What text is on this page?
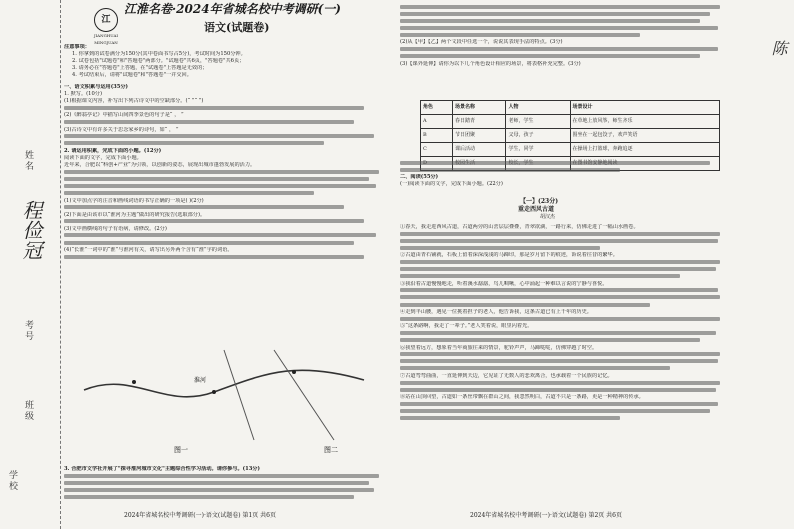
学校
班级
考号
姓名
程俭冠
江
JIANGHUAI MINGJUAN
江淮名卷·2024年省城名校中考调研(一)
语文(试题卷)

注意事项：

1. 你拿到的试卷满分为150分(其中卷面书写占5分)，考试时间为150分钟。

2. 试卷包括"试题卷"和"答题卷"两部分。"试题卷"共6页，"答题卷"共6页；

3. 请务必在"答题卷"上答题，在"试题卷"上答题是无效的；

4. 考试结束后，请将"试题卷"和"答题卷"一并交回。

一、语文积累与运用(35分)

1. 默写。(10分)

(1)根据课文内容，补写出下列古诗文中的空缺部分。(“ ”“ ”)

(2)《醉翁亭记》中描写山间四季景色的句子是“ ， ”

(3)古诗文中有许多关于思念家乡的诗句，如“ ， ”

2. 请运用积累，完成下面的小题。(12分)

阅读下面的文字，完成下面小题。

近年来，合肥以“科创+产业”为引领，以创新的姿态，展现出城市蓬勃发展的活力。

(1)文中加点字的注音和画线词语的书写正确的一项是( )(2分)

(2)下面是由该市以“淮河为主题”做出的研究报告(选取部分)。

(3)文中画横线的句子有语病，请修改。(2分)

(4)“长淮”一词中的“淮”与淮河有关，请写出另外两个含有“淮”字的词语。

图一	图二
淮河

3. 合肥市文学社开展了"探寻淮河城市文化"主题综合性学习活动。请你参与。(13分)

2024年省城名校中考调研(一)·语文(试题卷) 第1页 共6页

(2)从【甲】【乙】两个文段中任选一个，说说其表现手法的特点。(3分)

(3)【课外延伸】请你为以下几个角色设计相应的场景，将表格补充完整。(3分)

角色	场景名称	人物	场景设计
A	春日踏青	老师，学生	在草地上放风筝，师生齐乐
B	节日团聚	父母，孩子	围坐在一起包饺子，欢声笑语
C	课后活动	学生，同学	在操场上打篮球，奔跑追逐

二、阅读(55分)

(一)阅读下面的文字，完成下面小题。(22分)

【一】(23分)
重走西风古道
胡汉杰

①春天，我走进西风古道，古道两旁的山峦层层叠叠，青翠欲滴，一路行来，仿佛走进了一幅山水画卷。

②古道由青石铺就，石板上留着深深浅浅的马蹄印，那是岁月留下的痕迹，诉说着往昔的繁华。

③我沿着古道慢慢地走，听着溪水潺潺，鸟儿啁啾，心中涌起一种难以言说的宁静与喜悦。

④走到半山腰，遇见一位挑着担子的老人，他告诉我，这条古道已有上千年的历史。

⑤“这条路啊，我走了一辈子。”老人笑着说，眼里闪着光。

⑥我望着远方，想象着当年商旅往来的情景，驼铃声声，马蹄哒哒，仿佛穿越了时空。

⑦古道弯弯曲曲，一直延伸到天边，它见证了无数人的悲欢离合，也承载着一个民族的记忆。

⑧站在山顶回望，古道如一条丝带飘在群山之间，我忽然明白，古道不只是一条路，更是一种精神的传承。

2024年省城名校中考调研(一)·语文(试题卷) 第2页 共6页
陈
